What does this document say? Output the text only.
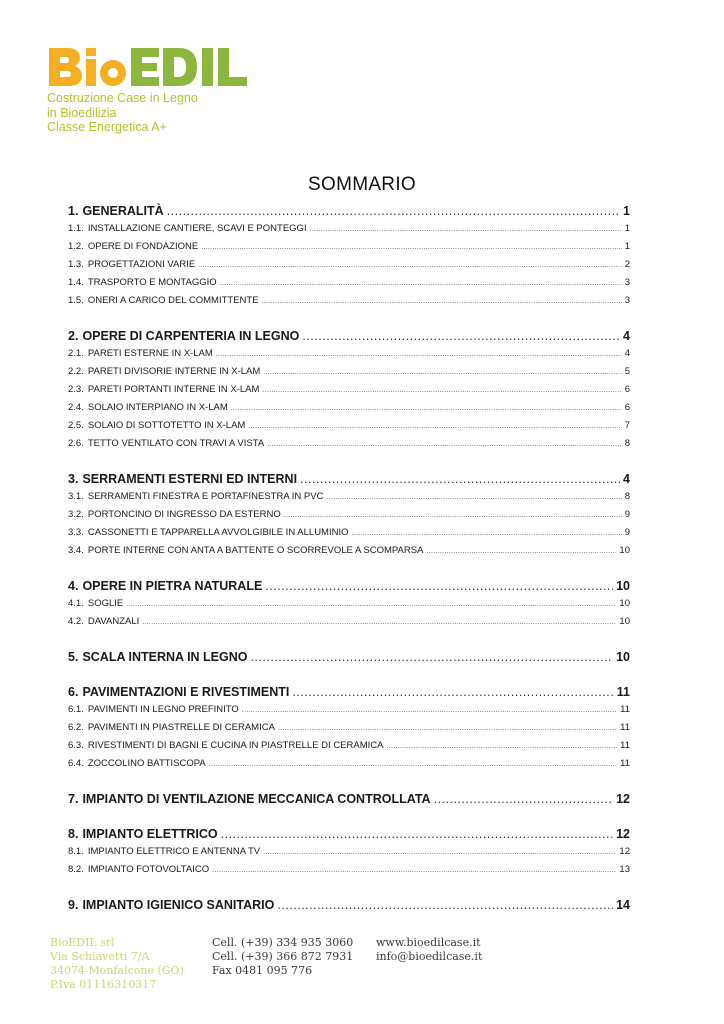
Costruzione Case in Legno
in Bioedilizia
Classe Energetica A+
SOMMARIO
1. GENERALITÀ .....	1
1.1. INSTALLAZIONE CANTIERE, SCAVI E PONTEGGI .....	1
1.2. OPERE DI FONDAZIONE .....	1
1.3. PROGETTAZIONI VARIE .....	2
1.4. TRASPORTO E MONTAGGIO .....	3
1.5. ONERI A CARICO DEL COMMITTENTE .....	3
2. OPERE DI CARPENTERIA IN LEGNO .....	4
2.1. PARETI ESTERNE IN X-LAM .....	4
2.2. PARETI DIVISORIE INTERNE IN X-LAM .....	5
2.3. PARETI PORTANTI INTERNE IN X-LAM .....	6
2.4. SOLAIO INTERPIANO IN X-LAM .....	6
2.5. SOLAIO DI SOTTOTETTO IN X-LAM .....	7
2.6. TETTO VENTILATO CON TRAVI A VISTA .....	8
3. SERRAMENTI ESTERNI ED INTERNI .....	4
3.1. SERRAMENTI FINESTRA E PORTAFINESTRA IN PVC .....	8
3.2. PORTONCINO DI INGRESSO DA ESTERNO .....	9
3.3. CASSONETTI E TAPPARELLA AVVOLGIBILE IN ALLUMINIO .....	9
3.4. PORTE INTERNE CON ANTA A BATTENTE O SCORREVOLE A SCOMPARSA .....	10
4. OPERE IN PIETRA NATURALE .....	10
4.1. SOGLIE .....	10
4.2. DAVANZALI .....	10
5. SCALA INTERNA IN LEGNO .....	10
6. PAVIMENTAZIONI E RIVESTIMENTI .....	11
6.1. PAVIMENTI IN LEGNO PREFINITO .....	11
6.2. PAVIMENTI IN PIASTRELLE DI CERAMICA .....	11
6.3. RIVESTIMENTI DI BAGNI E CUCINA IN PIASTRELLE DI CERAMICA .....	11
6.4. ZOCCOLINO BATTISCOPA .....	11
7. IMPIANTO DI VENTILAZIONE MECCANICA CONTROLLATA .....	12
8. IMPIANTO ELETTRICO .....	12
8.1. IMPIANTO ELETTRICO E ANTENNA TV .....	12
8.2. IMPIANTO FOTOVOLTAICO .....	13
9. IMPIANTO IGIENICO SANITARIO .....	14
BioEDIL srl
Via Schiavetti 7/A
34074 Monfalcone (GO)
P.Iva 01116310317
Cell. (+39) 334 935 3060
Cell. (+39) 366 872 7931
Fax 0481 095 776
www.bioedilcase.it
info@bioedilcase.it
